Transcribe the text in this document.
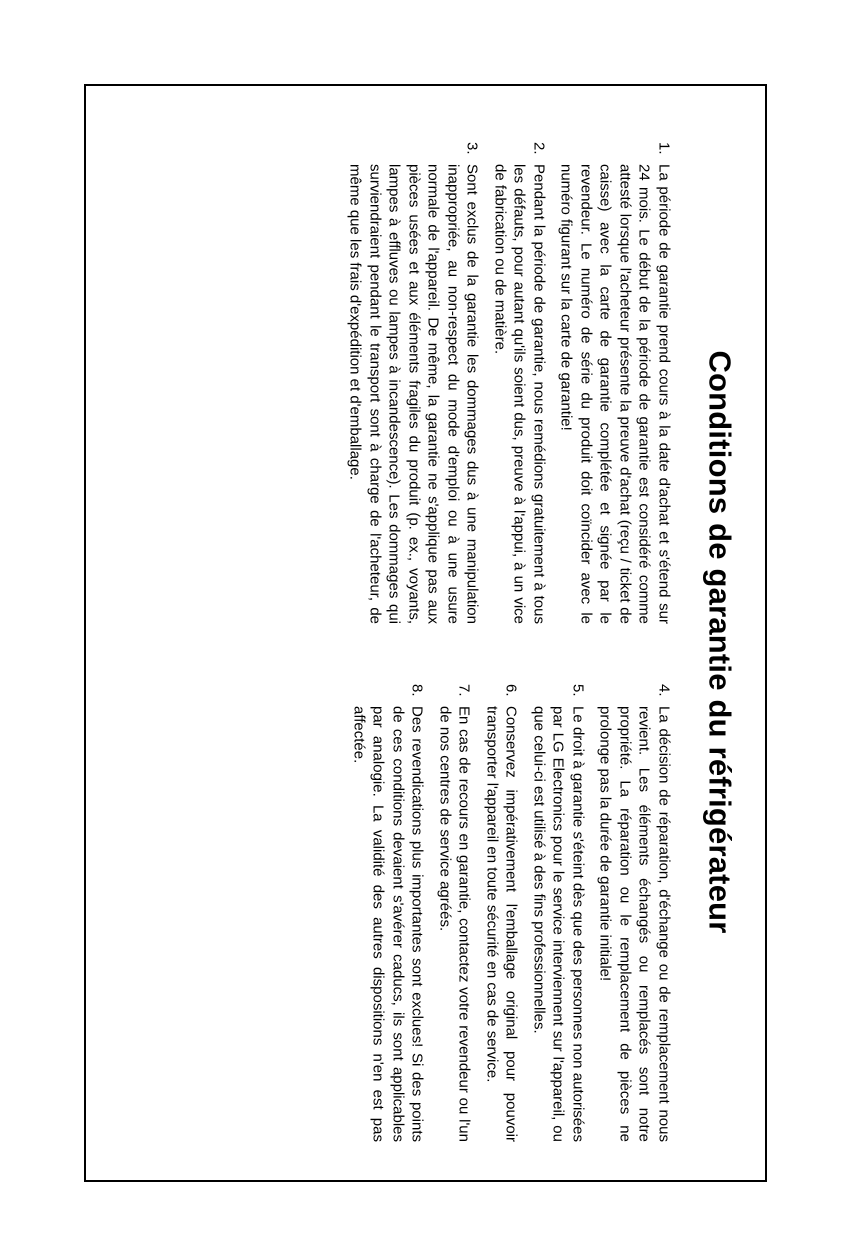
Conditions de garantie du réfrigérateur
1.
La période de garantie prend cours à la date d'achat et s'étend sur 24 mois. Le début de la période de garantie est considéré comme attesté lorsque l'acheteur présente la preuve d'achat (reçu / ticket de caisse) avec la carte de garantie complétée et signée par le revendeur. Le numéro de série du produit doit coïncider avec le numéro figurant sur la carte de garantie!
2.
Pendant la période de garantie, nous remédions gratuitement à tous les défauts, pour autant qu'ils soient dus, preuve à l'appui, à un vice de fabrication ou de matière.
3.
Sont exclus de la garantie les dommages dus à une manipulation inappropriée, au non-respect du mode d'emploi ou à une usure normale de l'appareil. De même, la garantie ne s'applique pas aux pièces usées et aux éléments fragiles du produit (p. ex., voyants, lampes à effluves ou lampes à incandescence). Les dommages qui surviendraient pendant le transport sont à charge de l'acheteur, de même que les frais d'expédition et d'emballage.
4.
La décision de réparation, d'échange ou de remplacement nous revient. Les éléments échangés ou remplacés sont notre propriété. La réparation ou le remplacement de pièces ne prolonge pas la durée de garantie initiale!
5.
Le droit à garantie s'éteint dès que des personnes non autorisées par LG Electronics pour le service interviennent sur l'appareil, ou que celui-ci est utilisé à des fins professionnelles.
6.
Conservez impérativement l'emballage original pour pouvoir transporter l'appareil en toute sécurité en cas de service.
7.
En cas de recours en garantie, contactez votre revendeur ou l'un de nos centres de service agréés.
8.
Des revendications plus importantes sont exclues! Si des points de ces conditions devaient s'avérer caducs, ils sont applicables par analogie. La validité des autres dispositions n'en est pas affectée.
